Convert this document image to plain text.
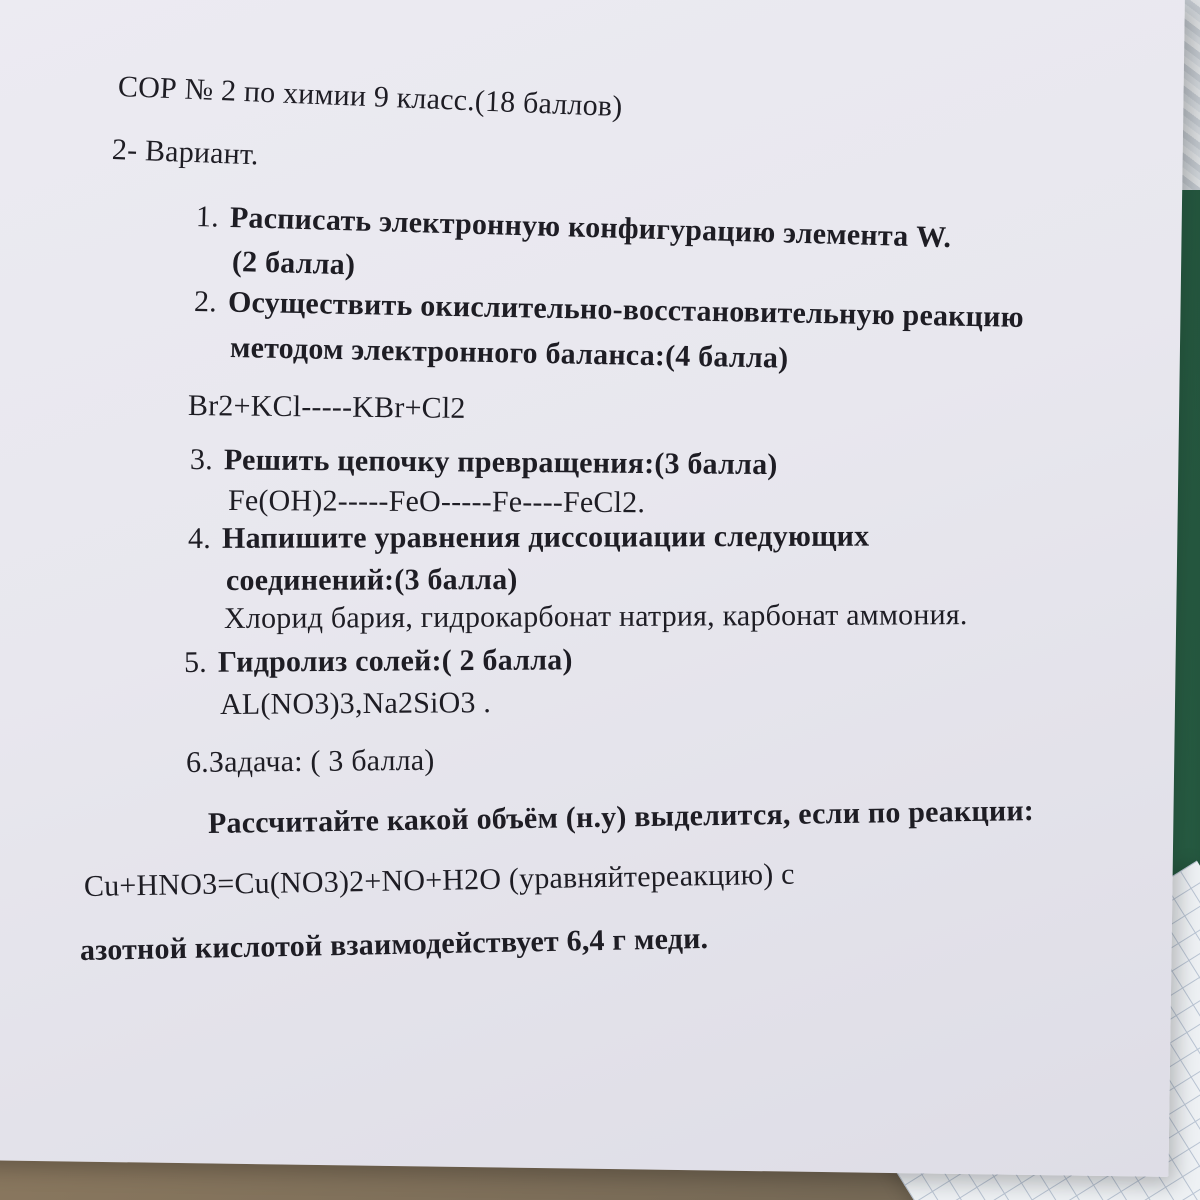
СОР № 2 по химии 9 класс.(18 баллов)
2- Вариант.
1. Расписать электронную конфигурацию элемента W.
(2 балла)
2. Осуществить окислительно-восстановительную реакцию
методом электронного баланса:(4 балла)
Br2+KCl-----KBr+Cl2
3. Решить цепочку превращения:(3 балла)
Fe(OH)2-----FeO-----Fe----FeCl2.
4. Напишите уравнения диссоциации следующих
соединений:(3 балла)
Хлорид бария, гидрокарбонат натрия, карбонат аммония.
5. Гидролиз солей:( 2 балла)
AL(NO3)3,Na2SiO3 .
6.Задача: ( 3 балла)
Рассчитайте какой объём (н.у) выделится, если по реакции:
Cu+HNO3=Cu(NO3)2+NO+H2O (уравняйтереакцию) с
азотной кислотой взаимодействует 6,4 г меди.
